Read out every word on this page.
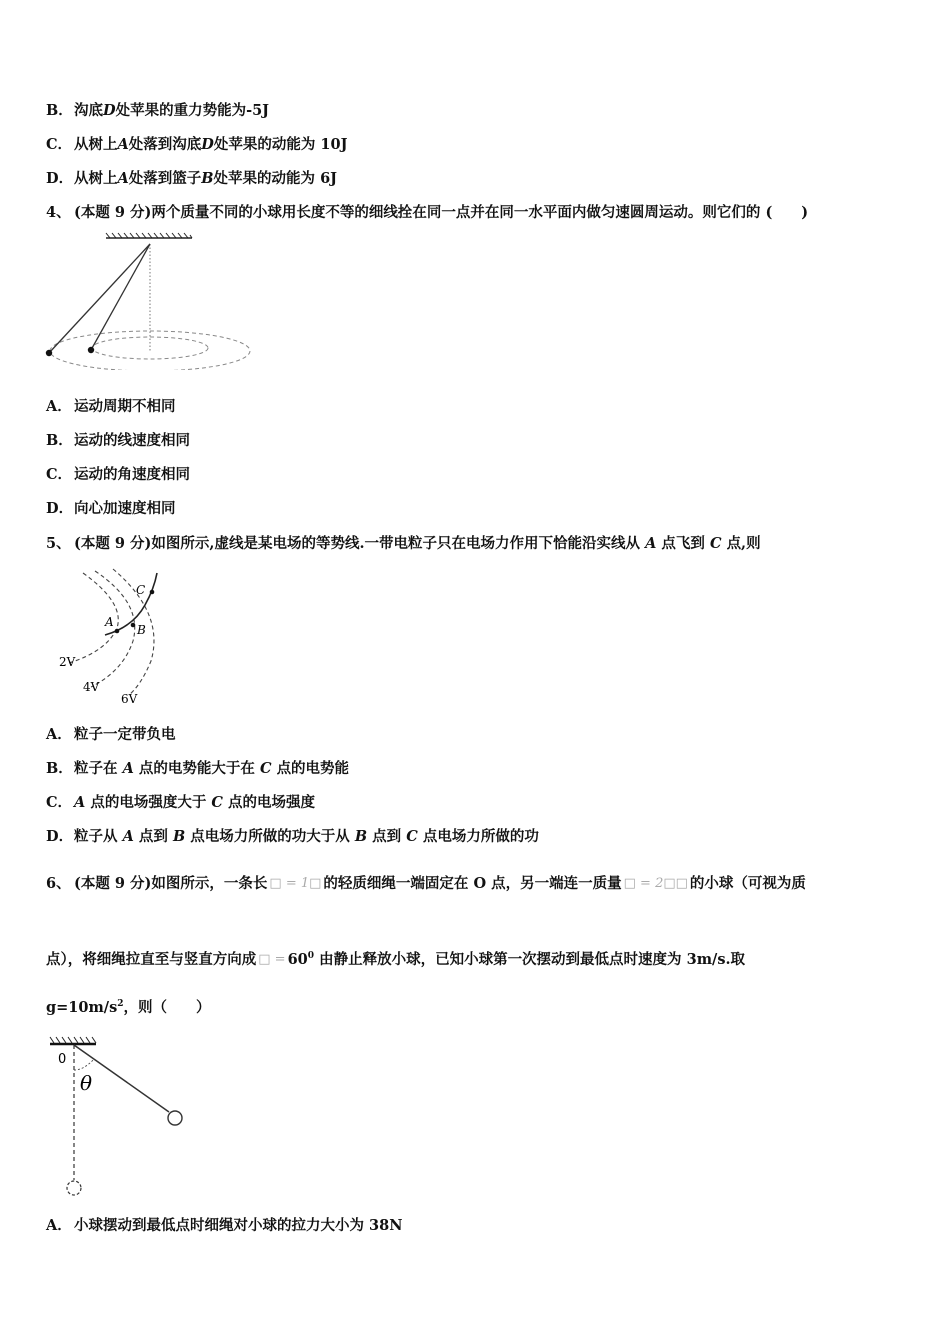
B．沟底D处苹果的重力势能为-5J
C． 从树上A处落到沟底D处苹果的动能为 10J
D．从树上A处落到篮子B处苹果的动能为 6J
4、 (本题 9 分)两个质量不同的小球用长度不等的细线拴在同一点并在同一水平面内做匀速圆周运动。则它们的 (　　)
A． 运动周期不相同
B．运动的线速度相同
C． 运动的角速度相同
D．向心加速度相同
5、 (本题 9 分)如图所示,虚线是某电场的等势线.一带电粒子只在电场力作用下恰能沿实线从 A 点飞到 C 点,则
A
B
C
2V
4V
6V
A． 粒子一定带负电
B．粒子在 A 点的电势能大于在 C 点的电势能
C． A 点的电场强度大于 C 点的电场强度
D．粒子从 A 点到 B 点电场力所做的功大于从 B 点到 C 点电场力所做的功
6、 (本题 9 分)如图所示，一条长 □ = 1□ 的轻质细绳一端固定在 O 点，另一端连一质量 □ = 2□□ 的小球（可视为质
点），将细绳拉直至与竖直方向成 □ = $60^0$ 由静止释放小球，已知小球第一次摆动到最低点时速度为 3m/s.取
$g=10m/s^2$，则（　　）
0
θ
A． 小球摆动到最低点时细绳对小球的拉力大小为 38N
